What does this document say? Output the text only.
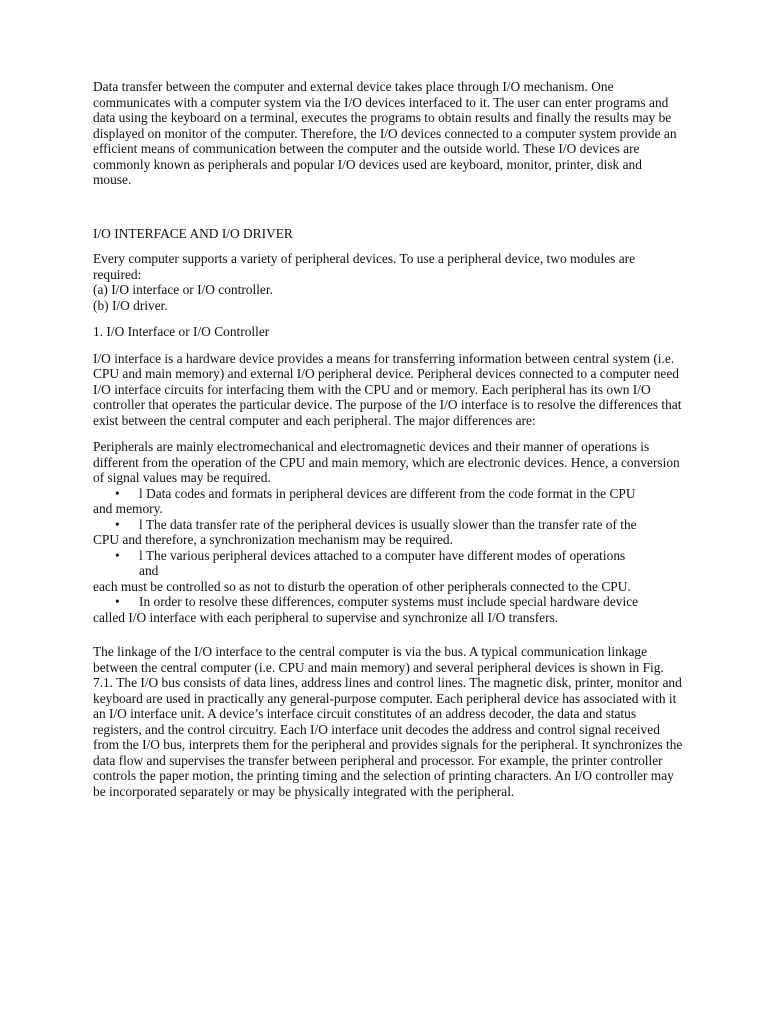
Data transfer between the computer and external device takes place through I/O mechanism. One communicates with a computer system via the I/O devices interfaced to it. The user can enter programs and data using the keyboard on a terminal, executes the programs to obtain results and finally the results may be displayed on monitor of the computer. Therefore, the I/O devices connected to a computer system provide an efficient means of communication between the computer and the outside world. These I/O devices are commonly known as peripherals and popular I/O devices used are keyboard, monitor, printer, disk and mouse.

I/O INTERFACE AND I/O DRIVER

Every computer supports a variety of peripheral devices. To use a peripheral device, two modules are required:

(a) I/O interface or I/O controller.

(b) I/O driver.

1. I/O Interface or I/O Controller

I/O interface is a hardware device provides a means for transferring information between central system (i.e. CPU and main memory) and external I/O peripheral device. Peripheral devices connected to a computer need I/O interface circuits for interfacing them with the CPU and or memory. Each peripheral has its own I/O controller that operates the particular device. The purpose of the I/O interface is to resolve the differences that exist between the central computer and each peripheral. The major differences are:

Peripherals are mainly electromechanical and electromagnetic devices and their manner of operations is different from the operation of the CPU and main memory, which are electronic devices. Hence, a conversion of signal values may be required.

•	l Data codes and formats in peripheral devices are different from the code format in the CPU

and memory.

•	l The data transfer rate of the peripheral devices is usually slower than the transfer rate of the

CPU and therefore, a synchronization mechanism may be required.

•	l The various peripheral devices attached to a computer have different modes of operations
and

each must be controlled so as not to disturb the operation of other peripherals connected to the CPU.

•	In order to resolve these differences, computer systems must include special hardware device

called I/O interface with each peripheral to supervise and synchronize all I/O transfers.

The linkage of the I/O interface to the central computer is via the bus. A typical communication linkage between the central computer (i.e. CPU and main memory) and several peripheral devices is shown in Fig. 7.1. The I/O bus consists of data lines, address lines and control lines. The magnetic disk, printer, monitor and keyboard are used in practically any general-purpose computer. Each peripheral device has associated with it an I/O interface unit. A device’s interface circuit constitutes of an address decoder, the data and status registers, and the control circuitry. Each I/O interface unit decodes the address and control signal received from the I/O bus, interprets them for the peripheral and provides signals for the peripheral. It synchronizes the data flow and supervises the transfer between peripheral and processor. For example, the printer controller controls the paper motion, the printing timing and the selection of printing characters. An I/O controller may be incorporated separately or may be physically integrated with the peripheral.
